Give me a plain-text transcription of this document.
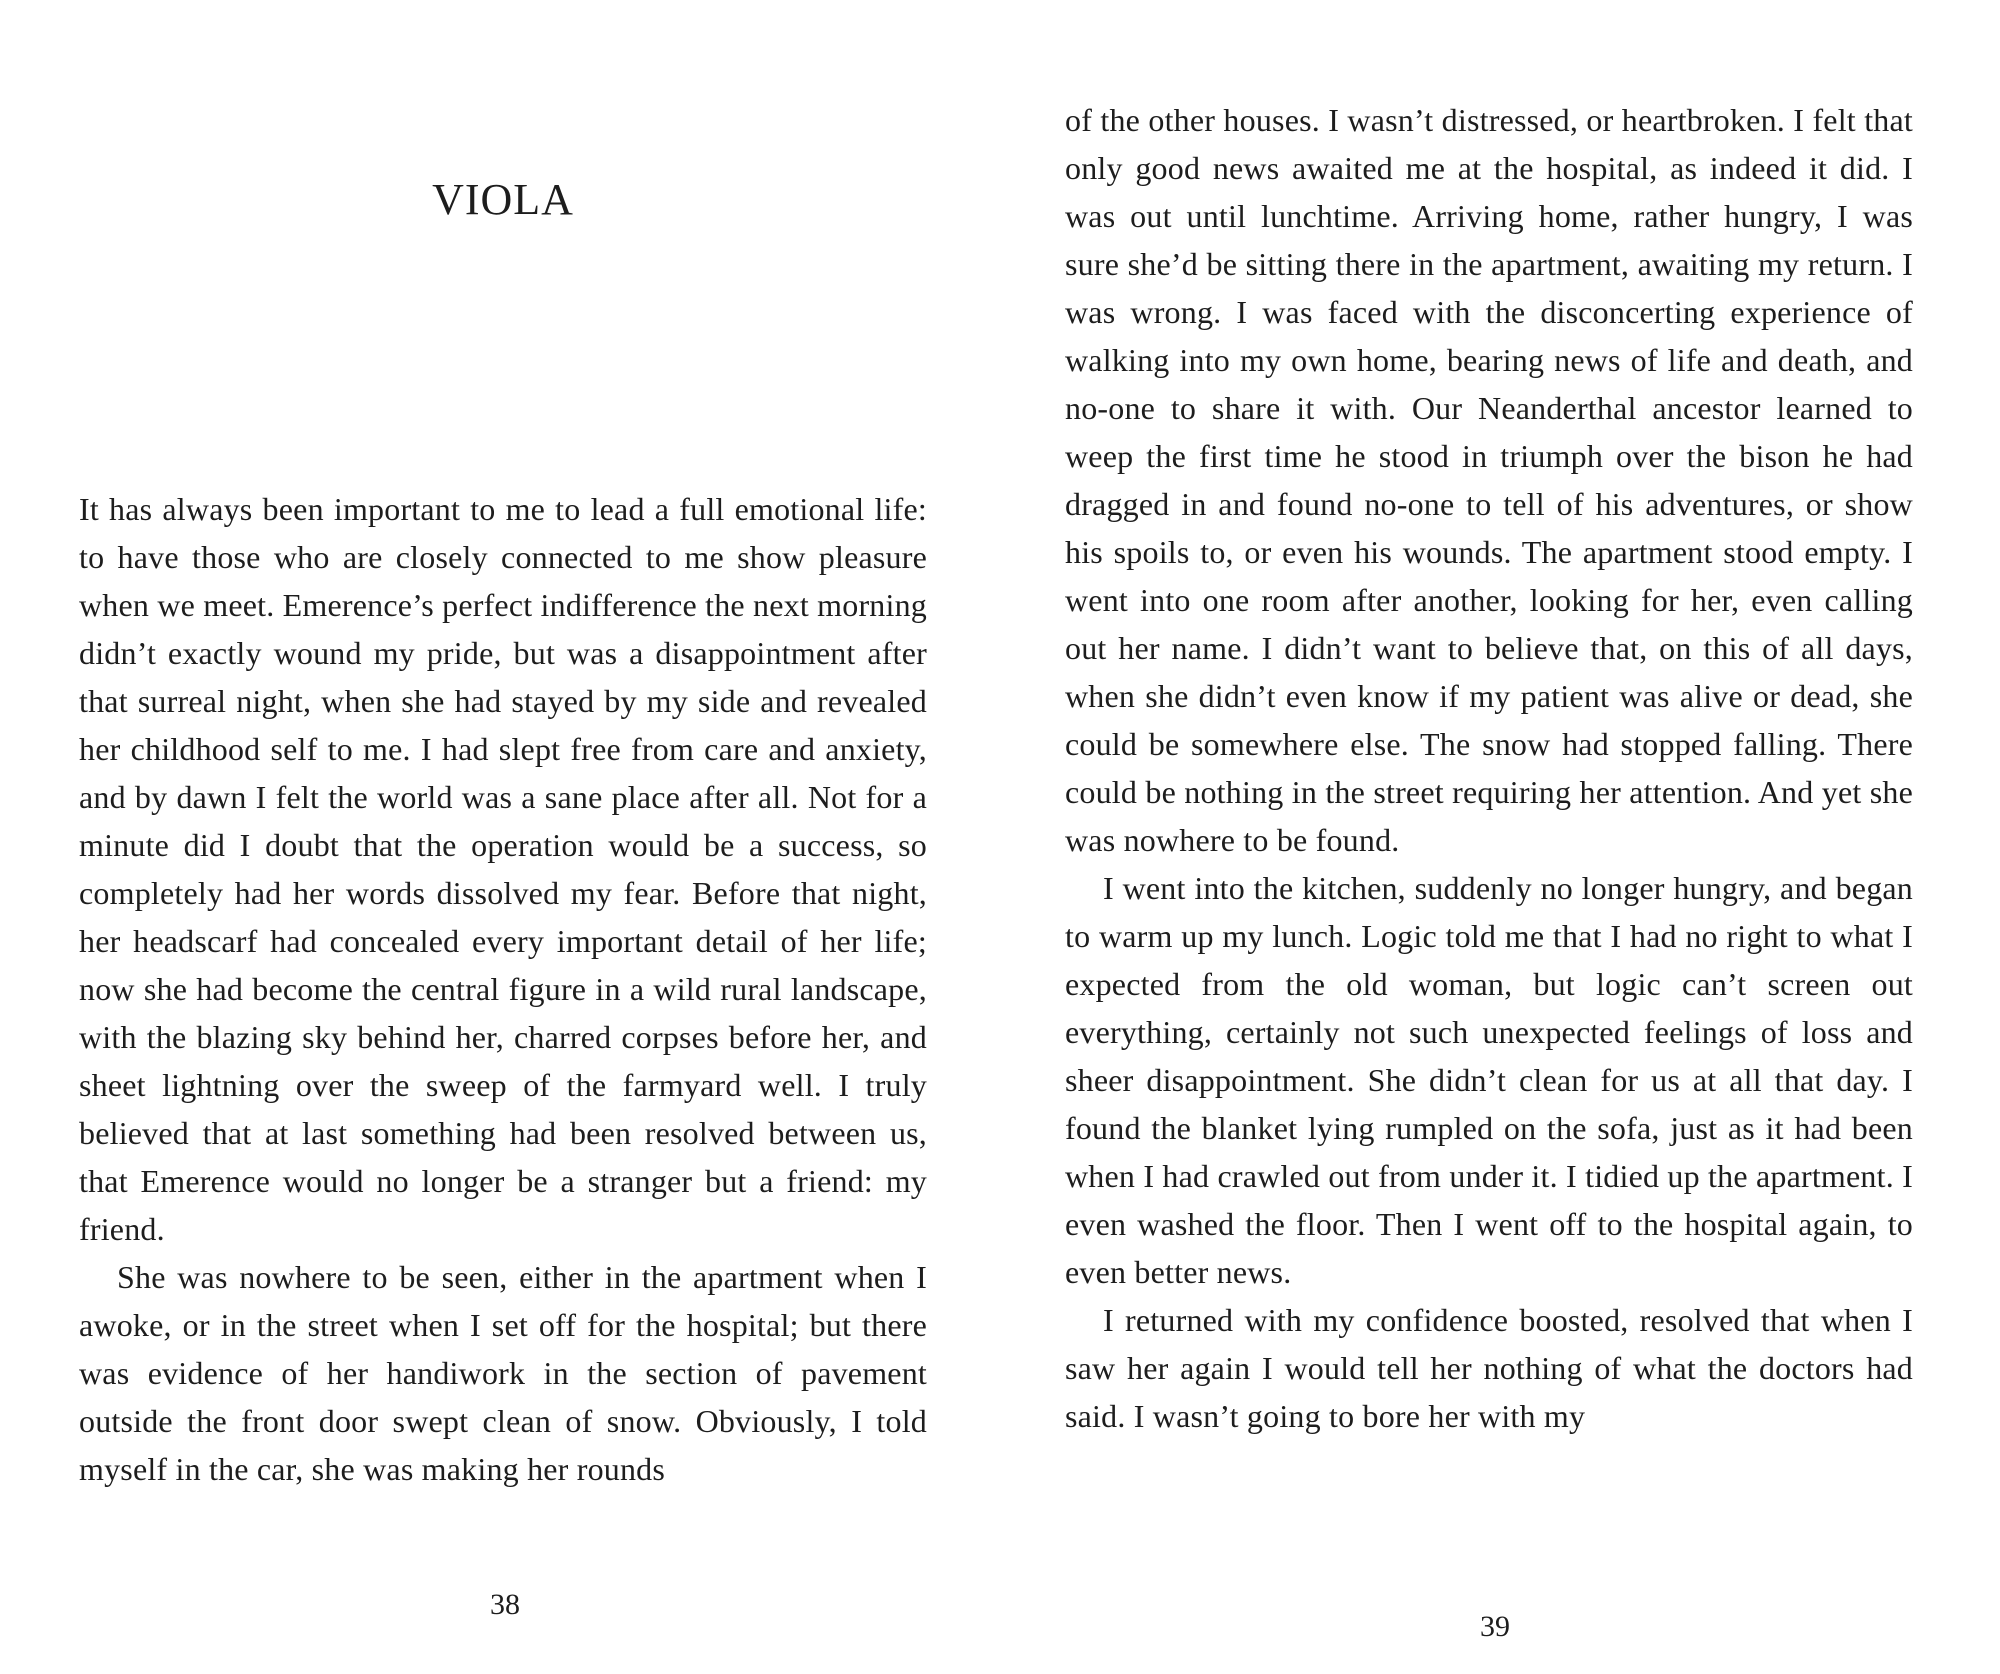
VIOLA

It has always been important to me to lead a full emotional life: to have those who are closely connected to me show pleasure when we meet. Emerence’s perfect indifference the next morning didn’t exactly wound my pride, but was a disappointment after that surreal night, when she had stayed by my side and revealed her childhood self to me. I had slept free from care and anxiety, and by dawn I felt the world was a sane place after all. Not for a minute did I doubt that the operation would be a success, so completely had her words dissolved my fear. Before that night, her headscarf had concealed every important detail of her life; now she had become the central figure in a wild rural landscape, with the blazing sky behind her, charred corpses before her, and sheet lightning over the sweep of the farmyard well. I truly believed that at last something had been resolved between us, that Emerence would no longer be a stranger but a friend: my friend.

She was nowhere to be seen, either in the apartment when I awoke, or in the street when I set off for the hospital; but there was evidence of her handiwork in the section of pavement outside the front door swept clean of snow. Obviously, I told myself in the car, she was making her rounds

38

of the other houses. I wasn’t distressed, or heartbroken. I felt that only good news awaited me at the hospital, as indeed it did. I was out until lunchtime. Arriving home, rather hungry, I was sure she’d be sitting there in the apartment, awaiting my return. I was wrong. I was faced with the disconcerting experience of walking into my own home, bearing news of life and death, and no-one to share it with. Our Neanderthal ancestor learned to weep the first time he stood in triumph over the bison he had dragged in and found no-one to tell of his adventures, or show his spoils to, or even his wounds. The apartment stood empty. I went into one room after another, looking for her, even calling out her name. I didn’t want to believe that, on this of all days, when she didn’t even know if my patient was alive or dead, she could be somewhere else. The snow had stopped falling. There could be nothing in the street requiring her attention. And yet she was nowhere to be found.

I went into the kitchen, suddenly no longer hungry, and began to warm up my lunch. Logic told me that I had no right to what I expected from the old woman, but logic can’t screen out everything, certainly not such unexpected feelings of loss and sheer disappointment. She didn’t clean for us at all that day. I found the blanket lying rumpled on the sofa, just as it had been when I had crawled out from under it. I tidied up the apartment. I even washed the floor. Then I went off to the hospital again, to even better news.

I returned with my confidence boosted, resolved that when I saw her again I would tell her nothing of what the doctors had said. I wasn’t going to bore her with my

39
